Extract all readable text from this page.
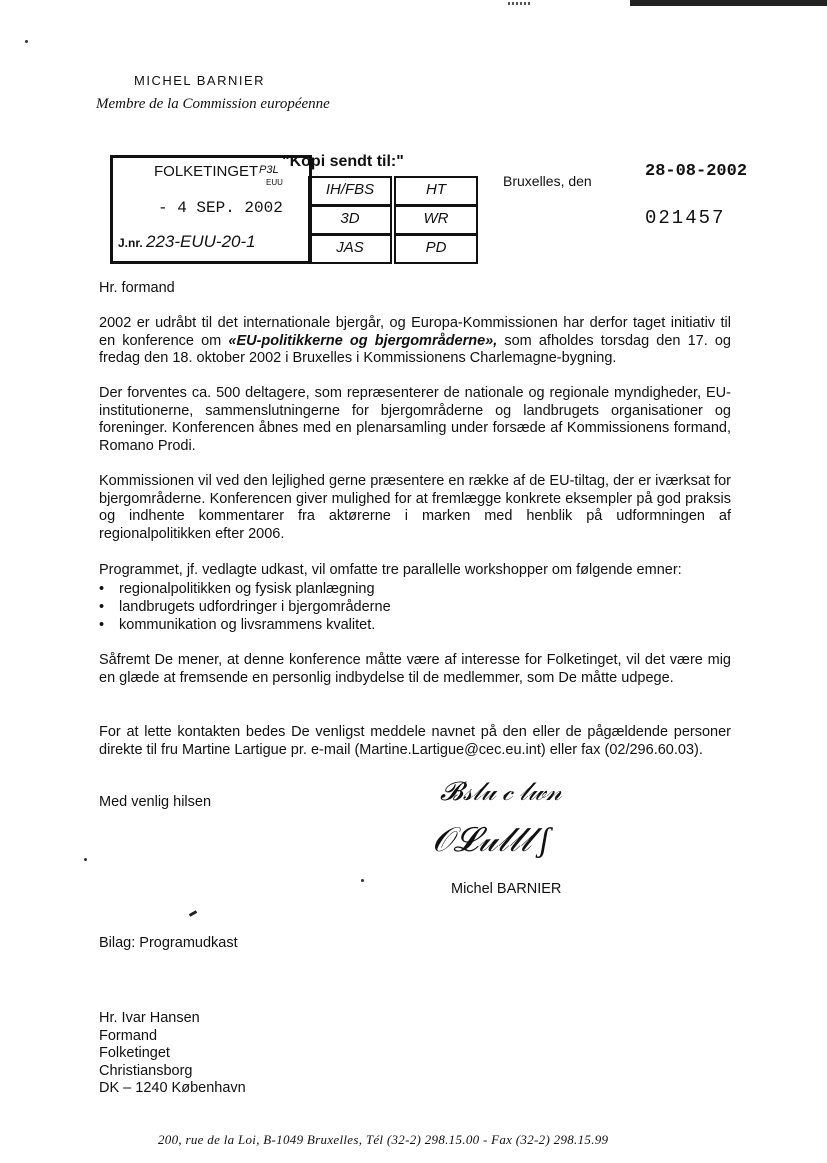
MICHEL BARNIER
Membre de la Commission européenne
FOLKETINGET P3L
EUU
- 4 SEP. 2002
J.nr. 223-EUU-20-1
"Kopi sendt til:"
IH/FBS	HT
3D	WR
JAS	PD
Bruxelles, den	28-08-2002
021457
Hr. formand
2002 er udråbt til det internationale bjergår, og Europa-Kommissionen har derfor taget initiativ til en konference om «EU-politikkerne og bjergområderne», som afholdes torsdag den 17. og fredag den 18. oktober 2002 i Bruxelles i Kommissionens Charlemagne-bygning.
Der forventes ca. 500 deltagere, som repræsenterer de nationale og regionale myndigheder, EU-institutionerne, sammenslutningerne for bjergområderne og landbrugets organisationer og foreninger. Konferencen åbnes med en plenarsamling under forsæde af Kommissionens formand, Romano Prodi.
Kommissionen vil ved den lejlighed gerne præsentere en række af de EU-tiltag, der er iværksat for bjergområderne. Konferencen giver mulighed for at fremlægge konkrete eksempler på god praksis og indhente kommentarer fra aktørerne i marken med henblik på udformningen af regionalpolitikken efter 2006.
Programmet, jf. vedlagte udkast, vil omfatte tre parallelle workshopper om følgende emner:
• regionalpolitikken og fysisk planlægning
• landbrugets udfordringer i bjergområderne
• kommunikation og livsrammens kvalitet.
Såfremt De mener, at denne konference måtte være af interesse for Folketinget, vil det være mig en glæde at fremsende en personlig indbydelse til de medlemmer, som De måtte udpege.
For at lette kontakten bedes De venligst meddele navnet på den eller de pågældende personer direkte til fru Martine Lartigue pr. e-mail (Martine.Lartigue@cec.eu.int) eller fax (02/296.60.03).
Med venlig hilsen	𝓑𝓈𝓁𝓊 𝒸 𝓁𝓌𝓃
𝒪𝓛𝓊𝓁𝓁𝓁 ʃ
Michel BARNIER
Bilag: Programudkast
Hr. Ivar Hansen
Formand
Folketinget
Christiansborg
DK – 1240 København
200, rue de la Loi, B-1049 Bruxelles, Tél (32-2) 298.15.00 - Fax (32-2) 298.15.99
